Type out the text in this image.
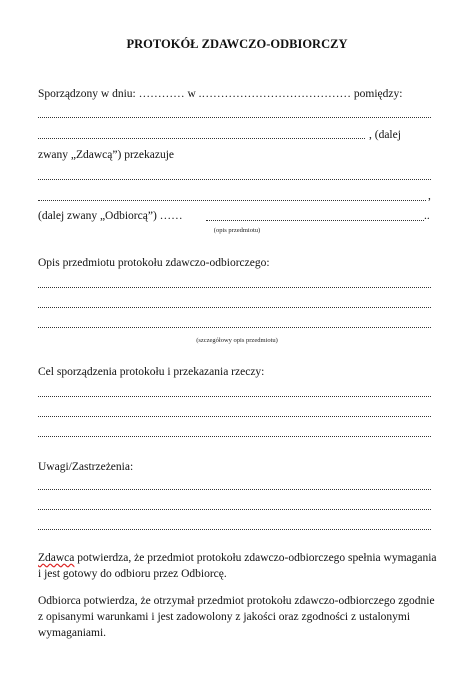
PROTOKÓŁ ZDAWCZO-ODBIORCZY
Sporządzony w dniu: ………… w .………………………………… pomiędzy:
, (dalej
zwany „Zdawcą”) przekazuje
,
(dalej zwany „Odbiorcą”) ……	..
(opis przedmiotu)
Opis przedmiotu protokołu zdawczo-odbiorczego:
(szczegółowy opis przedmiotu)
Cel sporządzenia protokołu i przekazania rzeczy:
Uwagi/Zastrzeżenia:
Zdawca potwierdza, że przedmiot protokołu zdawczo-odbiorczego spełnia wymagania i jest gotowy do odbioru przez Odbiorcę.
Odbiorca potwierdza, że otrzymał przedmiot protokołu zdawczo-odbiorczego zgodnie z opisanymi warunkami i jest zadowolony z jakości oraz zgodności z ustalonymi wymaganiami.
